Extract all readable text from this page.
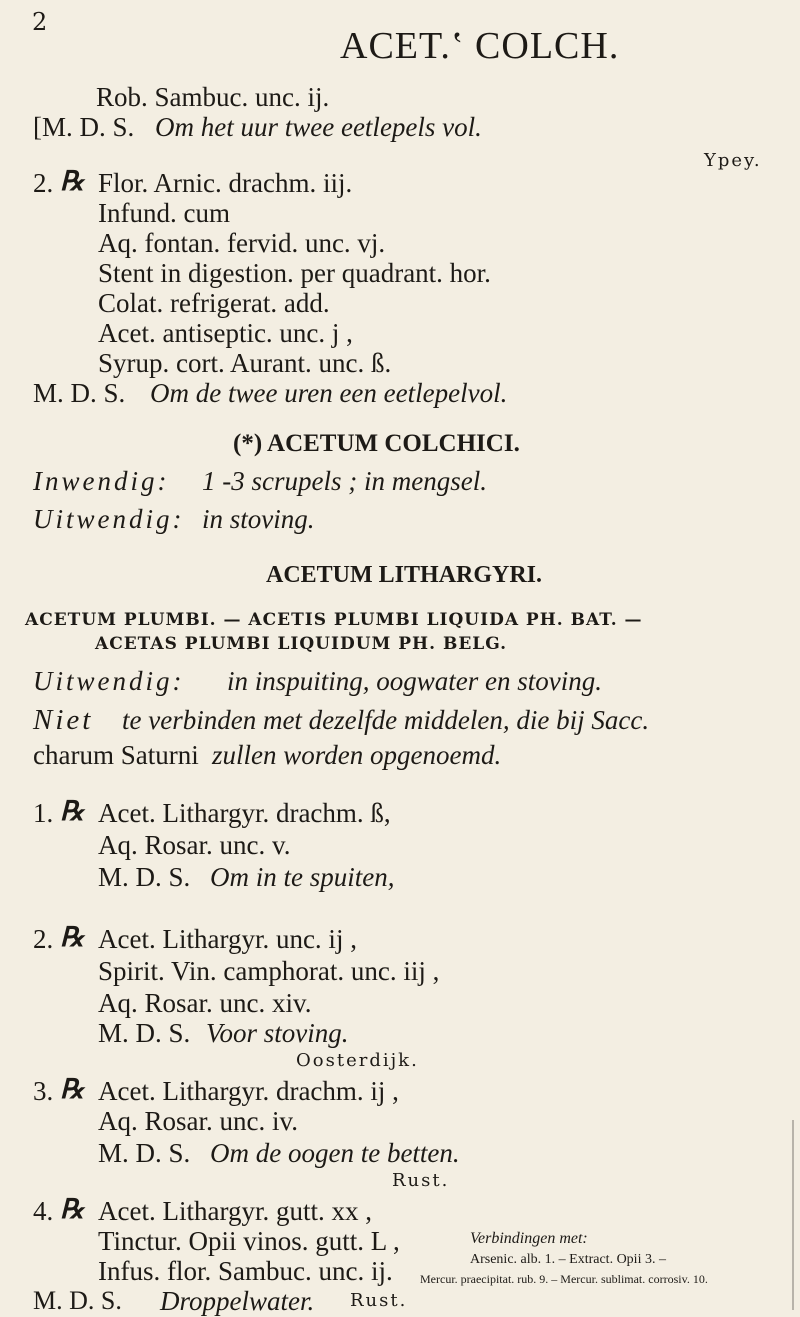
2
ACET.ʽ COLCH.
Rob. Sambuc. unc. ij.
[M. D. S. Om het uur twee eetlepels vol.
Ypey.
2. ℞ Flor. Arnic. drachm. iij.
Infund. cum
Aq. fontan. fervid. unc. vj.
Stent in digestion. per quadrant. hor.
Colat. refrigerat. add.
Acet. antiseptic. unc. j ,
Syrup. cort. Aurant. unc. ß.
M. D. S. Om de twee uren een eetlepelvol.
(*) ACETUM COLCHICI.
Inwendig: 1 -3 scrupels ; in mengsel.
Uitwendig: in stoving.
ACETUM LITHARGYRI.
ACETUM PLUMBI. — ACETIS PLUMBI LIQUIDA PH. BAT. —
ACETAS PLUMBI LIQUIDUM PH. BELG.
Uitwendig: in inspuiting, oogwater en stoving.
Niet te verbinden met dezelfde middelen, die bij Sacc.
charum Saturni zullen worden opgenoemd.
1. ℞ Acet. Lithargyr. drachm. ß,
Aq. Rosar. unc. v.
M. D. S. Om in te spuiten,
2. ℞ Acet. Lithargyr. unc. ij ,
Spirit. Vin. camphorat. unc. iij ,
Aq. Rosar. unc. xiv.
M. D. S. Voor stoving.
Oosterdijk.
3. ℞ Acet. Lithargyr. drachm. ij ,
Aq. Rosar. unc. iv.
M. D. S. Om de oogen te betten.
Rust.
4. ℞ Acet. Lithargyr. gutt. xx ,
Tinctur. Opii vinos. gutt. L ,
Infus. flor. Sambuc. unc. ij.
M. D. S. Droppelwater. Rust.
Verbindingen met:
Arsenic. alb. 1. – Extract. Opii 3. –
Mercur. praecipitat. rub. 9. – Mercur. sublimat. corrosiv. 10.
